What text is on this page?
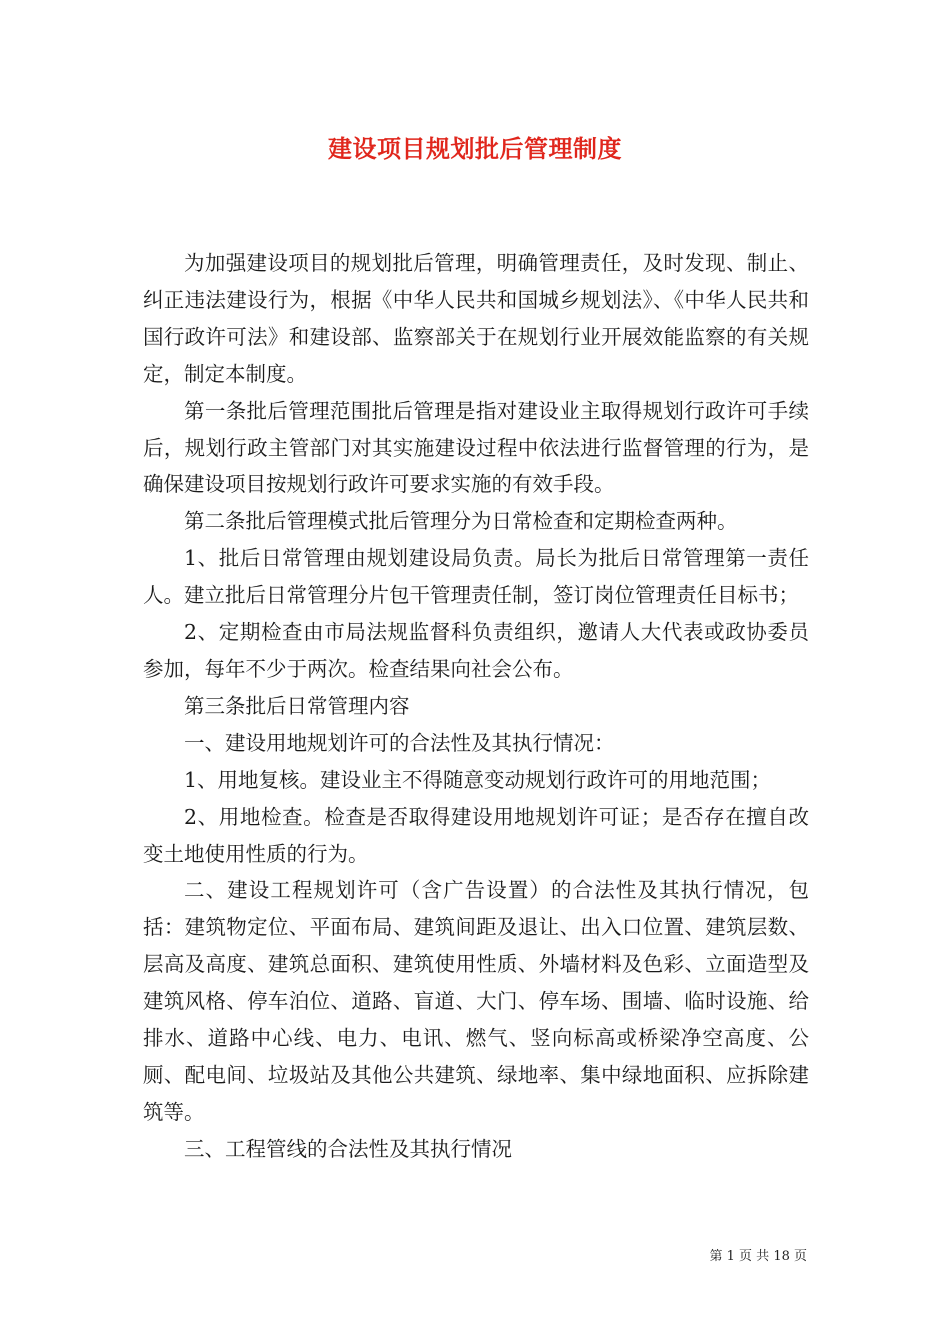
建设项目规划批后管理制度

为加强建设项目的规划批后管理，明确管理责任，及时发现、制止、纠正违法建设行为，根据《中华人民共和国城乡规划法》、《中华人民共和国行政许可法》和建设部、监察部关于在规划行业开展效能监察的有关规定，制定本制度。

第一条批后管理范围批后管理是指对建设业主取得规划行政许可手续后，规划行政主管部门对其实施建设过程中依法进行监督管理的行为，是确保建设项目按规划行政许可要求实施的有效手段。

第二条批后管理模式批后管理分为日常检查和定期检查两种。

1、批后日常管理由规划建设局负责。局长为批后日常管理第一责任人。建立批后日常管理分片包干管理责任制，签订岗位管理责任目标书；

2、定期检查由市局法规监督科负责组织，邀请人大代表或政协委员参加，每年不少于两次。检查结果向社会公布。

第三条批后日常管理内容

一、建设用地规划许可的合法性及其执行情况：

1、用地复核。建设业主不得随意变动规划行政许可的用地范围；

2、用地检查。检查是否取得建设用地规划许可证；是否存在擅自改变土地使用性质的行为。

二、建设工程规划许可（含广告设置）的合法性及其执行情况，包括：建筑物定位、平面布局、建筑间距及退让、出入口位置、建筑层数、层高及高度、建筑总面积、建筑使用性质、外墙材料及色彩、立面造型及建筑风格、停车泊位、道路、盲道、大门、停车场、围墙、临时设施、给排水、道路中心线、电力、电讯、燃气、竖向标高或桥梁净空高度、公厕、配电间、垃圾站及其他公共建筑、绿地率、集中绿地面积、应拆除建筑等。

三、工程管线的合法性及其执行情况

第 1 页 共 18 页
